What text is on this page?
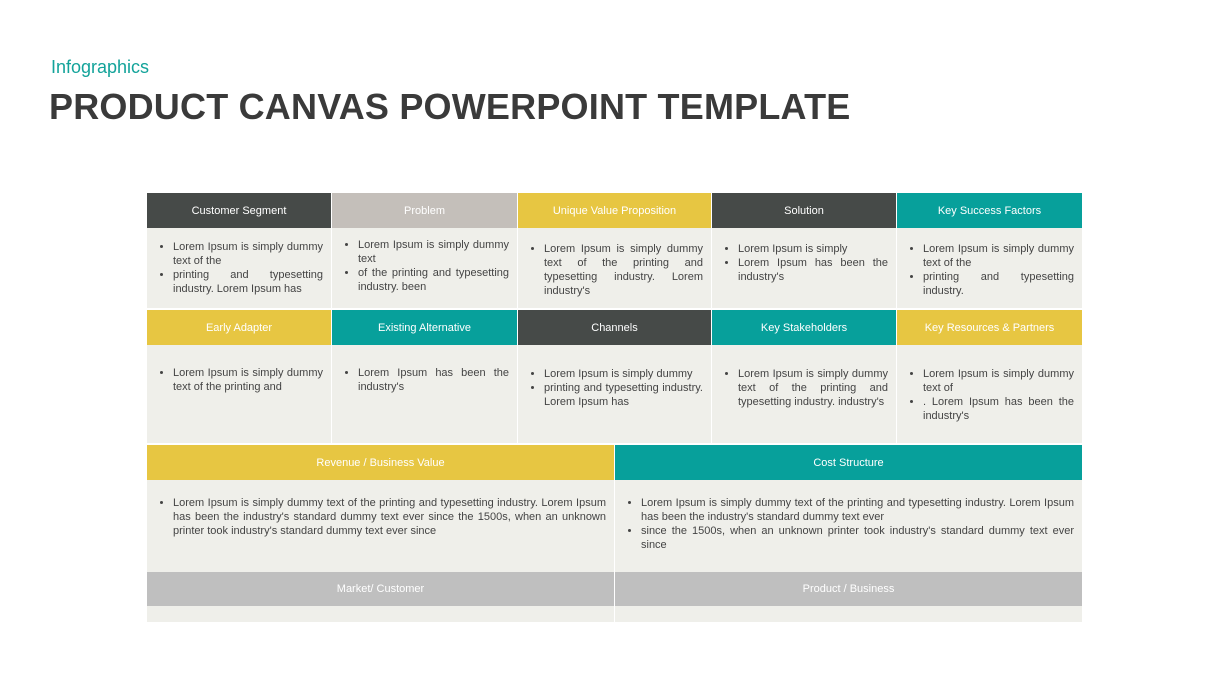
Infographics
PRODUCT CANVAS POWERPOINT TEMPLATE
Customer Segment
• Lorem Ipsum is simply dummy text of the
• printing and typesetting industry. Lorem Ipsum has
Problem
• Lorem Ipsum is simply dummy text
• of the printing and typesetting industry. been
Unique Value Proposition
• Lorem Ipsum is simply dummy text of the printing and typesetting industry. Lorem industry's
Solution
• Lorem Ipsum is simply
• Lorem Ipsum has been the industry's
Key Success Factors
• Lorem Ipsum is simply dummy text of the
• printing and typesetting industry.
Early Adapter
• Lorem Ipsum is simply dummy text of the printing and
Existing Alternative
• Lorem Ipsum has been the industry's
Channels
• Lorem Ipsum is simply dummy
• printing and typesetting industry. Lorem Ipsum has
Key Stakeholders
• Lorem Ipsum is simply dummy text of the printing and typesetting industry. industry's
Key Resources & Partners
• Lorem Ipsum is simply dummy text of
• . Lorem Ipsum has been the industry's
Revenue / Business Value
• Lorem Ipsum is simply dummy text of the printing and typesetting industry. Lorem Ipsum has been the industry's standard dummy text ever since the 1500s, when an unknown printer took industry's standard dummy text ever since
Cost Structure
• Lorem Ipsum is simply dummy text of the printing and typesetting industry. Lorem Ipsum has been the industry's standard dummy text ever
• since the 1500s, when an unknown printer took industry's standard dummy text ever since
Market/ Customer	Product / Business
